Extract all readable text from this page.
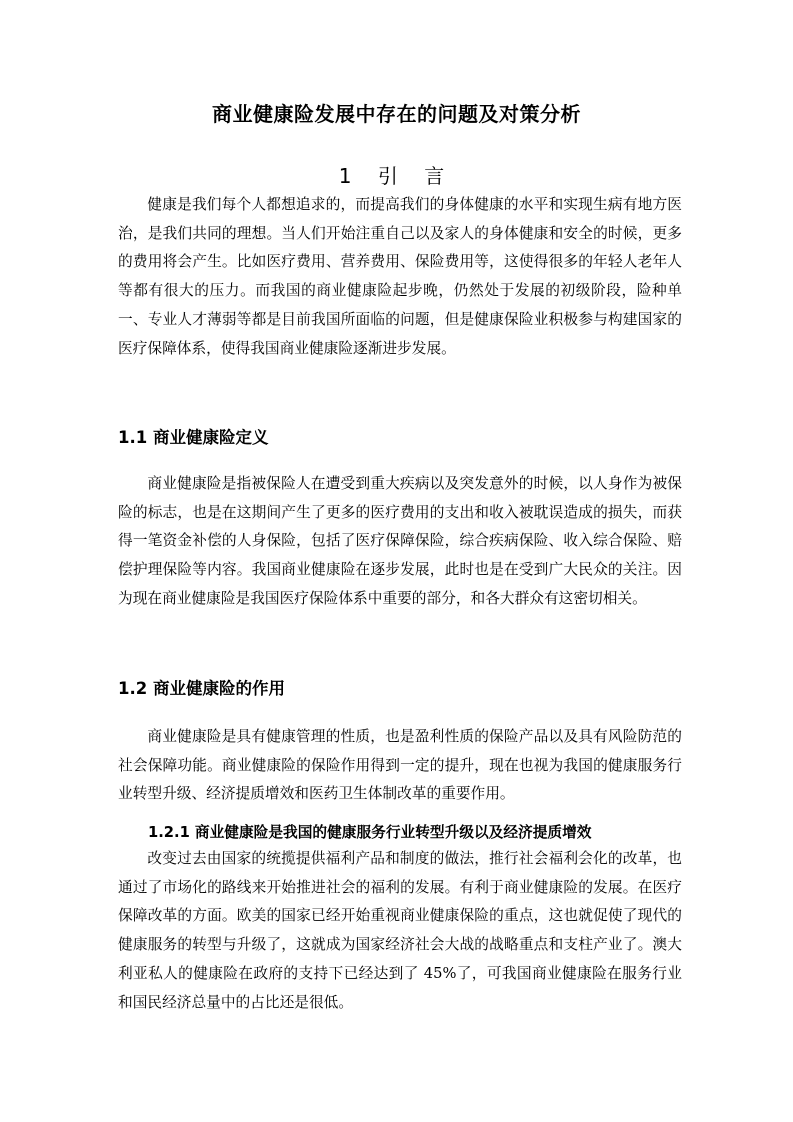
商业健康险发展中存在的问题及对策分析
1 引 言

健康是我们每个人都想追求的，而提高我们的身体健康的水平和实现生病有地方医治，是我们共同的理想。当人们开始注重自己以及家人的身体健康和安全的时候，更多的费用将会产生。比如医疗费用、营养费用、保险费用等，这使得很多的年轻人老年人等都有很大的压力。而我国的商业健康险起步晚，仍然处于发展的初级阶段，险种单一、专业人才薄弱等都是目前我国所面临的问题，但是健康保险业积极参与构建国家的医疗保障体系，使得我国商业健康险逐渐进步发展。

1.1 商业健康险定义

商业健康险是指被保险人在遭受到重大疾病以及突发意外的时候，以人身作为被保险的标志，也是在这期间产生了更多的医疗费用的支出和收入被耽误造成的损失，而获得一笔资金补偿的人身保险，包括了医疗保障保险，综合疾病保险、收入综合保险、赔偿护理保险等内容。我国商业健康险在逐步发展，此时也是在受到广大民众的关注。因为现在商业健康险是我国医疗保险体系中重要的部分，和各大群众有这密切相关。

1.2 商业健康险的作用

商业健康险是具有健康管理的性质，也是盈利性质的保险产品以及具有风险防范的社会保障功能。商业健康险的保险作用得到一定的提升，现在也视为我国的健康服务行业转型升级、经济提质增效和医药卫生体制改革的重要作用。

1.2.1 商业健康险是我国的健康服务行业转型升级以及经济提质增效

改变过去由国家的统揽提供福利产品和制度的做法，推行社会福利会化的改革，也通过了市场化的路线来开始推进社会的福利的发展。有利于商业健康险的发展。在医疗保障改革的方面。欧美的国家已经开始重视商业健康保险的重点，这也就促使了现代的健康服务的转型与升级了，这就成为国家经济社会大战的战略重点和支柱产业了。澳大利亚私人的健康险在政府的支持下已经达到了 45%了，可我国商业健康险在服务行业和国民经济总量中的占比还是很低。
